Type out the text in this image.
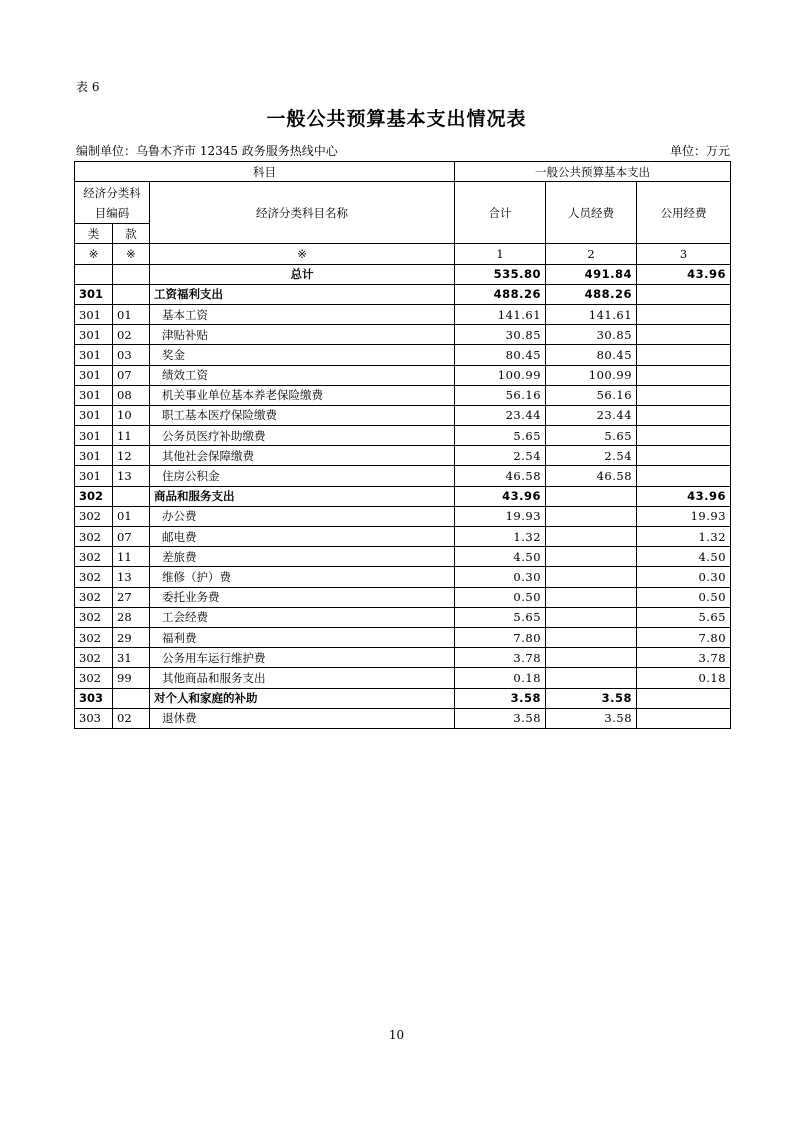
表 6
一般公共预算基本支出情况表
编制单位：乌鲁木齐市 12345 政务服务热线中心	单位：万元
科目			一般公共预算基本支出		
经济分类科目编码		经济分类科目名称	合计	人员经费	公用经费
类	款				
※	※	※	1	2	3
		总计	535.80	491.84	43.96
301		工资福利支出	488.26	488.26	
301	01	基本工资	141.61	141.61	
301	02	津贴补贴	30.85	30.85	
301	03	奖金	80.45	80.45	
301	07	绩效工资	100.99	100.99	
301	08	机关事业单位基本养老保险缴费	56.16	56.16	
301	10	职工基本医疗保险缴费	23.44	23.44	
301	11	公务员医疗补助缴费	5.65	5.65	
301	12	其他社会保障缴费	2.54	2.54	
301	13	住房公积金	46.58	46.58	
302		商品和服务支出	43.96		43.96
302	01	办公费	19.93		19.93
302	07	邮电费	1.32		1.32
302	11	差旅费	4.50		4.50
302	13	维修（护）费	0.30		0.30
302	27	委托业务费	0.50		0.50
302	28	工会经费	5.65		5.65
302	29	福利费	7.80		7.80
302	31	公务用车运行维护费	3.78		3.78
302	99	其他商品和服务支出	0.18		0.18
303		对个人和家庭的补助	3.58	3.58	
303	02	退休费	3.58	3.58	
10
